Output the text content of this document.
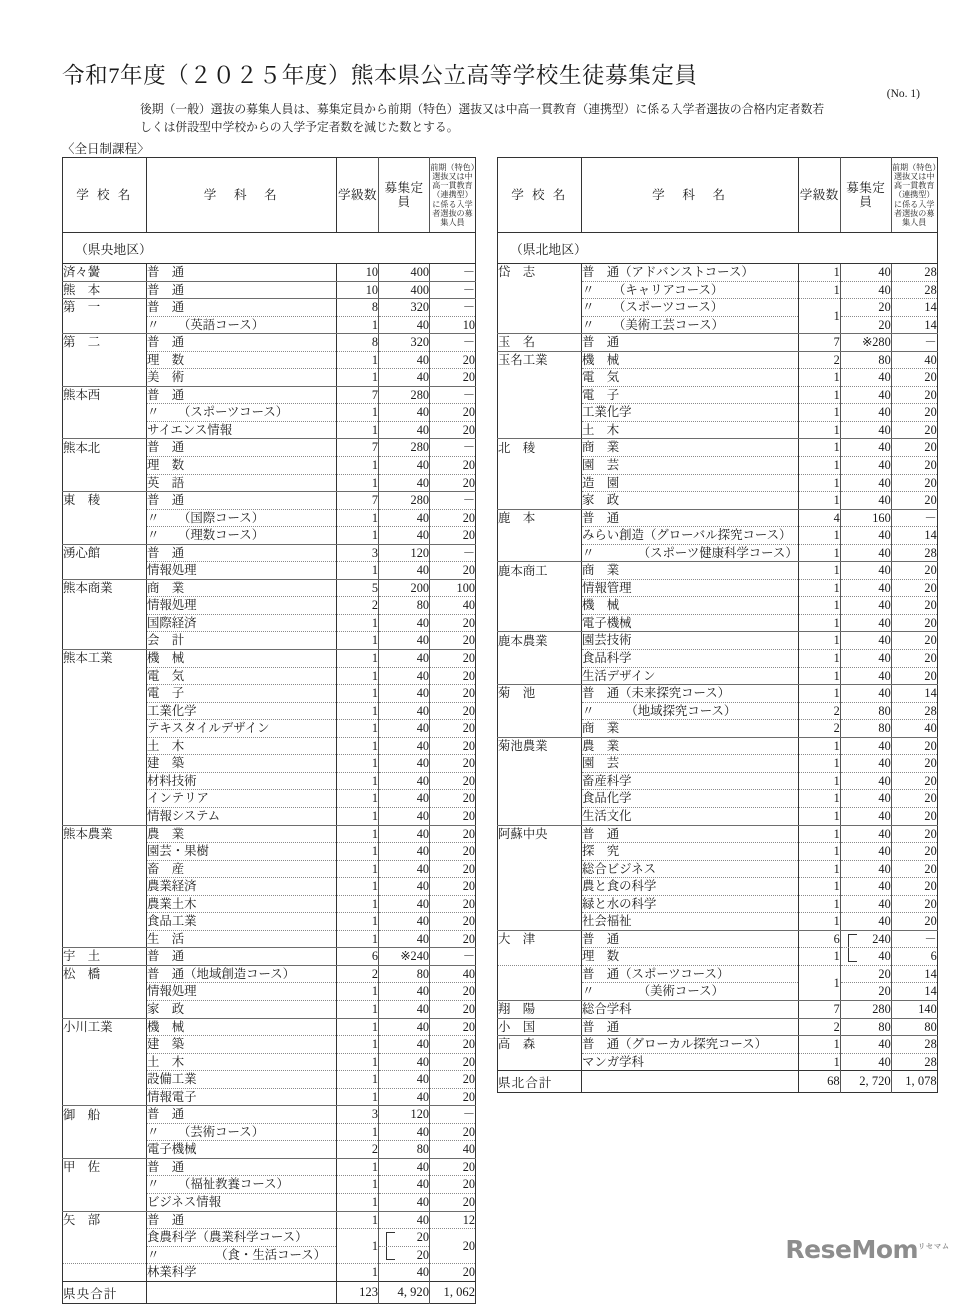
令和7年度（２０２５年度）熊本県公立高等学校生徒募集定員
(No. 1)
後期（一般）選抜の募集人員は、募集定員から前期（特色）選抜又は中高一貫教育（連携型）に係る入学者選抜の合格内定者数若
しくは併設型中学校からの入学予定者数を減じた数とする。
〈全日制課程〉
学 校 名	学　科　名	学級数	募集定員	前期（特色）選抜又は中高一貫教育（連携型）に係る入学者選抜の募集人員
（県央地区）				
済々黌	普　通	10	400	－
熊　本	普　通	10	400	－
第　一	普　通	8	320	－
	〃　　（英語コース）	1	40	10
第　二	普　通	8	320	－
	理　数	1	40	20
	美　術	1	40	20
熊本西	普　通	7	280	－
	〃　　（スポーツコース）	1	40	20
	サイエンス情報	1	40	20
熊本北	普　通	7	280	－
	理　数	1	40	20
	英　語	1	40	20
東　稜	普　通	7	280	－
	〃　　（国際コース）	1	40	20
	〃　　（理数コース）	1	40	20
湧心館	普　通	3	120	－
	情報処理	1	40	20
熊本商業	商　業	5	200	100
	情報処理	2	80	40
	国際経済	1	40	20
	会　計	1	40	20
熊本工業	機　械	1	40	20
	電　気	1	40	20
	電　子	1	40	20
	工業化学	1	40	20
	テキスタイルデザイン	1	40	20
	土　木	1	40	20
	建　築	1	40	20
	材料技術	1	40	20
	インテリア	1	40	20
	情報システム	1	40	20
熊本農業	農　業	1	40	20
	園芸・果樹	1	40	20
	畜　産	1	40	20
	農業経済	1	40	20
	農業土木	1	40	20
	食品工業	1	40	20
	生　活	1	40	20
宇　土	普　通	6	※240	－
松　橋	普　通（地域創造コース）	2	80	40
	情報処理	1	40	20
	家　政	1	40	20
小川工業	機　械	1	40	20
	建　築	1	40	20
	土　木	1	40	20
	設備工業	1	40	20
	情報電子	1	40	20
御　船	普　通	3	120	－
	〃　　（芸術コース）	1	40	20
	電子機械	2	80	40
甲　佐	普　通	1	40	20
	〃　　（福祉教養コース）	1	40	20
	ビジネス情報	1	40	20
矢　部	普　通	1	40	12
	食農科学（農業科学コース）	1	20	20
	〃　　　　　（食・生活コース）		20	

	林業科学	1	40	20
県央合計		123	4, 920	1, 062
学 校 名	学　科　名	学級数	募集定員	前期（特色）選抜又は中高一貫教育（連携型）に係る入学者選抜の募集人員
（県北地区）				
岱　志	普　通（アドバンストコース）	1	40	28
	〃　　（キャリアコース）	1	40	28
	〃　　（スポーツコース）	1	20	14
	〃　　（美術工芸コース）		20	14
玉　名	普　通	7	※280	－
玉名工業	機　械	2	80	40
	電　気	1	40	20
	電　子	1	40	20
	工業化学	1	40	20
	土　木	1	40	20
北　稜	商　業	1	40	20
	園　芸	1	40	20
	造　園	1	40	20
	家　政	1	40	20
鹿　本	普　通	4	160	－
	みらい創造（グローバル探究コース）	1	40	14
	〃　　　　（スポーツ健康科学コース）	1	40	28
鹿本商工	商　業	1	40	20
	情報管理	1	40	20
	機　械	1	40	20
	電子機械	1	40	20
鹿本農業	園芸技術	1	40	20
	食品科学	1	40	20
	生活デザイン	1	40	20
菊　池	普　通（未来探究コース）	1	40	14
	〃　　　（地域探究コース）	2	80	28
	商　業	2	80	40
菊池農業	農　業	1	40	20
	園　芸	1	40	20
	畜産科学	1	40	20
	食品化学	1	40	20
	生活文化	1	40	20
阿蘇中央	普　通	1	40	20
	探　究	1	40	20
	総合ビジネス	1	40	20
	農と食の科学	1	40	20
	緑と水の科学	1	40	20
	社会福祉	1	40	20
大　津	普　通	6	240	－
	理　数	1	40	6
	普　通（スポーツコース）	1	20	14
	〃　　　　（美術コース）		20	14
翔　陽	総合学科	7	280	140
小　国	普　通	2	80	80
高　森	普　通（グローカル探究コース）	1	40	28
	マンガ学科	1	40	28
県北合計		68	2, 720	1, 078
ReseMom$^{リセマム}$
